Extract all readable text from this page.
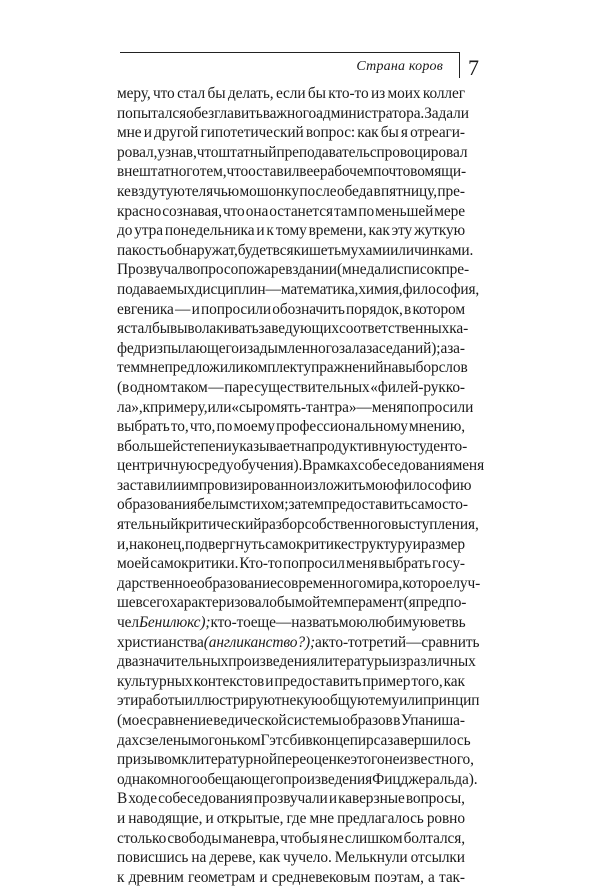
Страна коров 7
меру, что стал бы делать, если бы кто-то из моих коллег
попытался обезглавить важного администратора. Задали
мне и другой гипотетический вопрос: как бы я отреаги-
ровал, узнав, что штатный преподаватель спровоцировал
внештатного тем, что оставил в ее рабочем почтовом ящи-
ке вздутую телячью мошонку после обеда в пятницу, пре-
красно сознавая, что она останется там по меньшей мере
до утра понедельника и к тому времени, как эту жуткую
пакость обнаружат, будет вся кишеть мухами и личинками.
Прозвучал вопрос о пожаре в здании (мне дали список пре-
подаваемых дисциплин — математика, химия, философия,
евгеника — и попросили обозначить порядок, в котором
я стал бы выволакивать заведующих соответственных ка-
федр из пылающего и задымленного зала заседаний); а за-
тем мне предложили комплект упражнений на выбор слов
(в одном таком — паре существительных «филей-рукко-
ла», к примеру, или «сыромять-тантра» — меня попросили
выбрать то, что, по моему профессиональному мнению,
в большей степени указывает на продуктивную студенто-
центричную среду обучения). В рамках собеседования меня
заставили импровизированно изложить мою философию
образования белым стихом; затем предоставить самосто-
ятельный критический разбор собственного выступления,
и, наконец, подвергнуть самокритике структуру и размер
моей самокритики. Кто-то попросил меня выбрать госу-
дарственное образование современного мира, которое луч-
ше всего характеризовало бы мой темперамент (я предпо-
чел Бенилюкс); кто-то еще — назвать мою любимую ветвь
христианства (англиканство?); а кто-то третий — сравнить
два значительных произведения литературы из различных
культурных контекстов и предоставить пример того, как
эти работы иллюстрируют некую общую тему или принцип
(мое сравнение ведической системы образов в Упаниша-
дах с зеленым огоньком Гэтсби в конце пирса завершилось
призывом к литературной переоценке этого неизвестного,
однако многообещающего произведения Фицджеральда).
В ходе собеседования прозвучали и каверзные вопросы,
и наводящие, и открытые, где мне предлагалось ровно
столько свободы маневра, чтобы я не слишком болтался,
повисшись на дереве, как чучело. Мелькнули отсылки
к древним геометрам и средневековым поэтам, а так-
